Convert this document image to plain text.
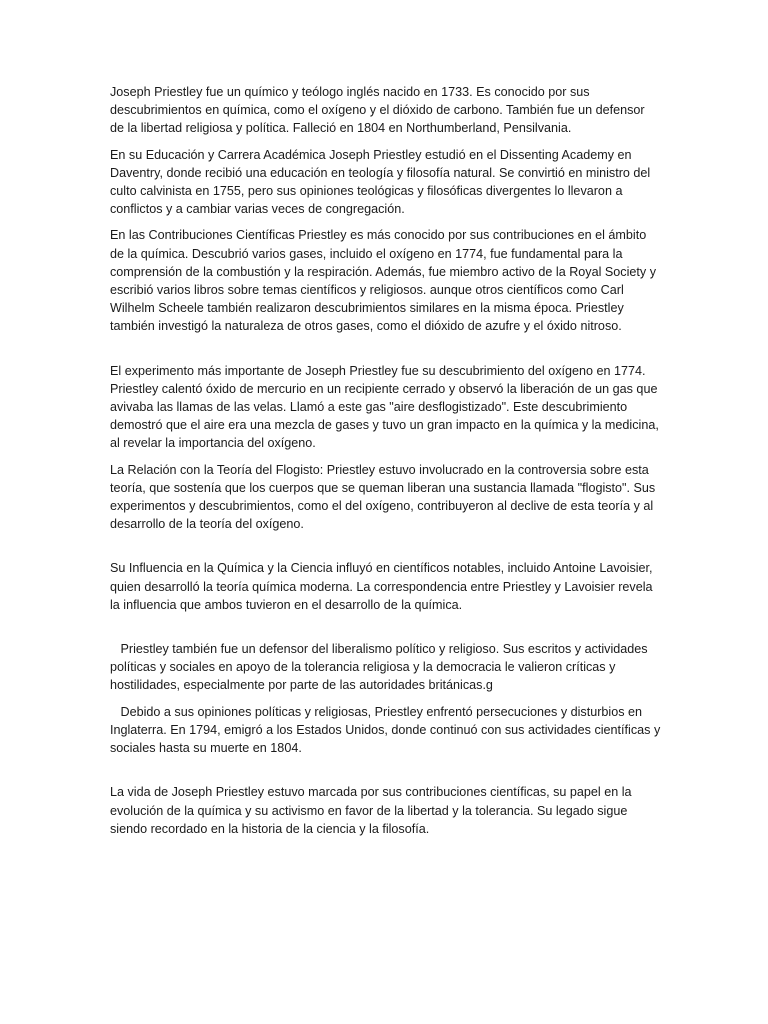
Joseph Priestley fue un químico y teólogo inglés nacido en 1733. Es conocido por sus descubrimientos en química, como el oxígeno y el dióxido de carbono. También fue un defensor de la libertad religiosa y política. Falleció en 1804 en Northumberland, Pensilvania.

En su Educación y Carrera Académica Joseph Priestley estudió en el Dissenting Academy en Daventry, donde recibió una educación en teología y filosofía natural. Se convirtió en ministro del culto calvinista en 1755, pero sus opiniones teológicas y filosóficas divergentes lo llevaron a conflictos y a cambiar varias veces de congregación.

En las Contribuciones Científicas Priestley es más conocido por sus contribuciones en el ámbito de la química. Descubrió varios gases, incluido el oxígeno en 1774, fue fundamental para la comprensión de la combustión y la respiración. Además, fue miembro activo de la Royal Society y escribió varios libros sobre temas científicos y religiosos. aunque otros científicos como Carl Wilhelm Scheele también realizaron descubrimientos similares en la misma época. Priestley también investigó la naturaleza de otros gases, como el dióxido de azufre y el óxido nitroso.

El experimento más importante de Joseph Priestley fue su descubrimiento del oxígeno en 1774. Priestley calentó óxido de mercurio en un recipiente cerrado y observó la liberación de un gas que avivaba las llamas de las velas. Llamó a este gas "aire desflogistizado". Este descubrimiento demostró que el aire era una mezcla de gases y tuvo un gran impacto en la química y la medicina, al revelar la importancia del oxígeno.

La Relación con la Teoría del Flogisto: Priestley estuvo involucrado en la controversia sobre esta teoría, que sostenía que los cuerpos que se queman liberan una sustancia llamada "flogisto". Sus experimentos y descubrimientos, como el del oxígeno, contribuyeron al declive de esta teoría y al desarrollo de la teoría del oxígeno.

Su Influencia en la Química y la Ciencia influyó en científicos notables, incluido Antoine Lavoisier, quien desarrolló la teoría química moderna. La correspondencia entre Priestley y Lavoisier revela la influencia que ambos tuvieron en el desarrollo de la química.

Priestley también fue un defensor del liberalismo político y religioso. Sus escritos y actividades políticas y sociales en apoyo de la tolerancia religiosa y la democracia le valieron críticas y hostilidades, especialmente por parte de las autoridades británicas.g

Debido a sus opiniones políticas y religiosas, Priestley enfrentó persecuciones y disturbios en Inglaterra. En 1794, emigró a los Estados Unidos, donde continuó con sus actividades científicas y sociales hasta su muerte en 1804.

La vida de Joseph Priestley estuvo marcada por sus contribuciones científicas, su papel en la evolución de la química y su activismo en favor de la libertad y la tolerancia. Su legado sigue siendo recordado en la historia de la ciencia y la filosofía.
